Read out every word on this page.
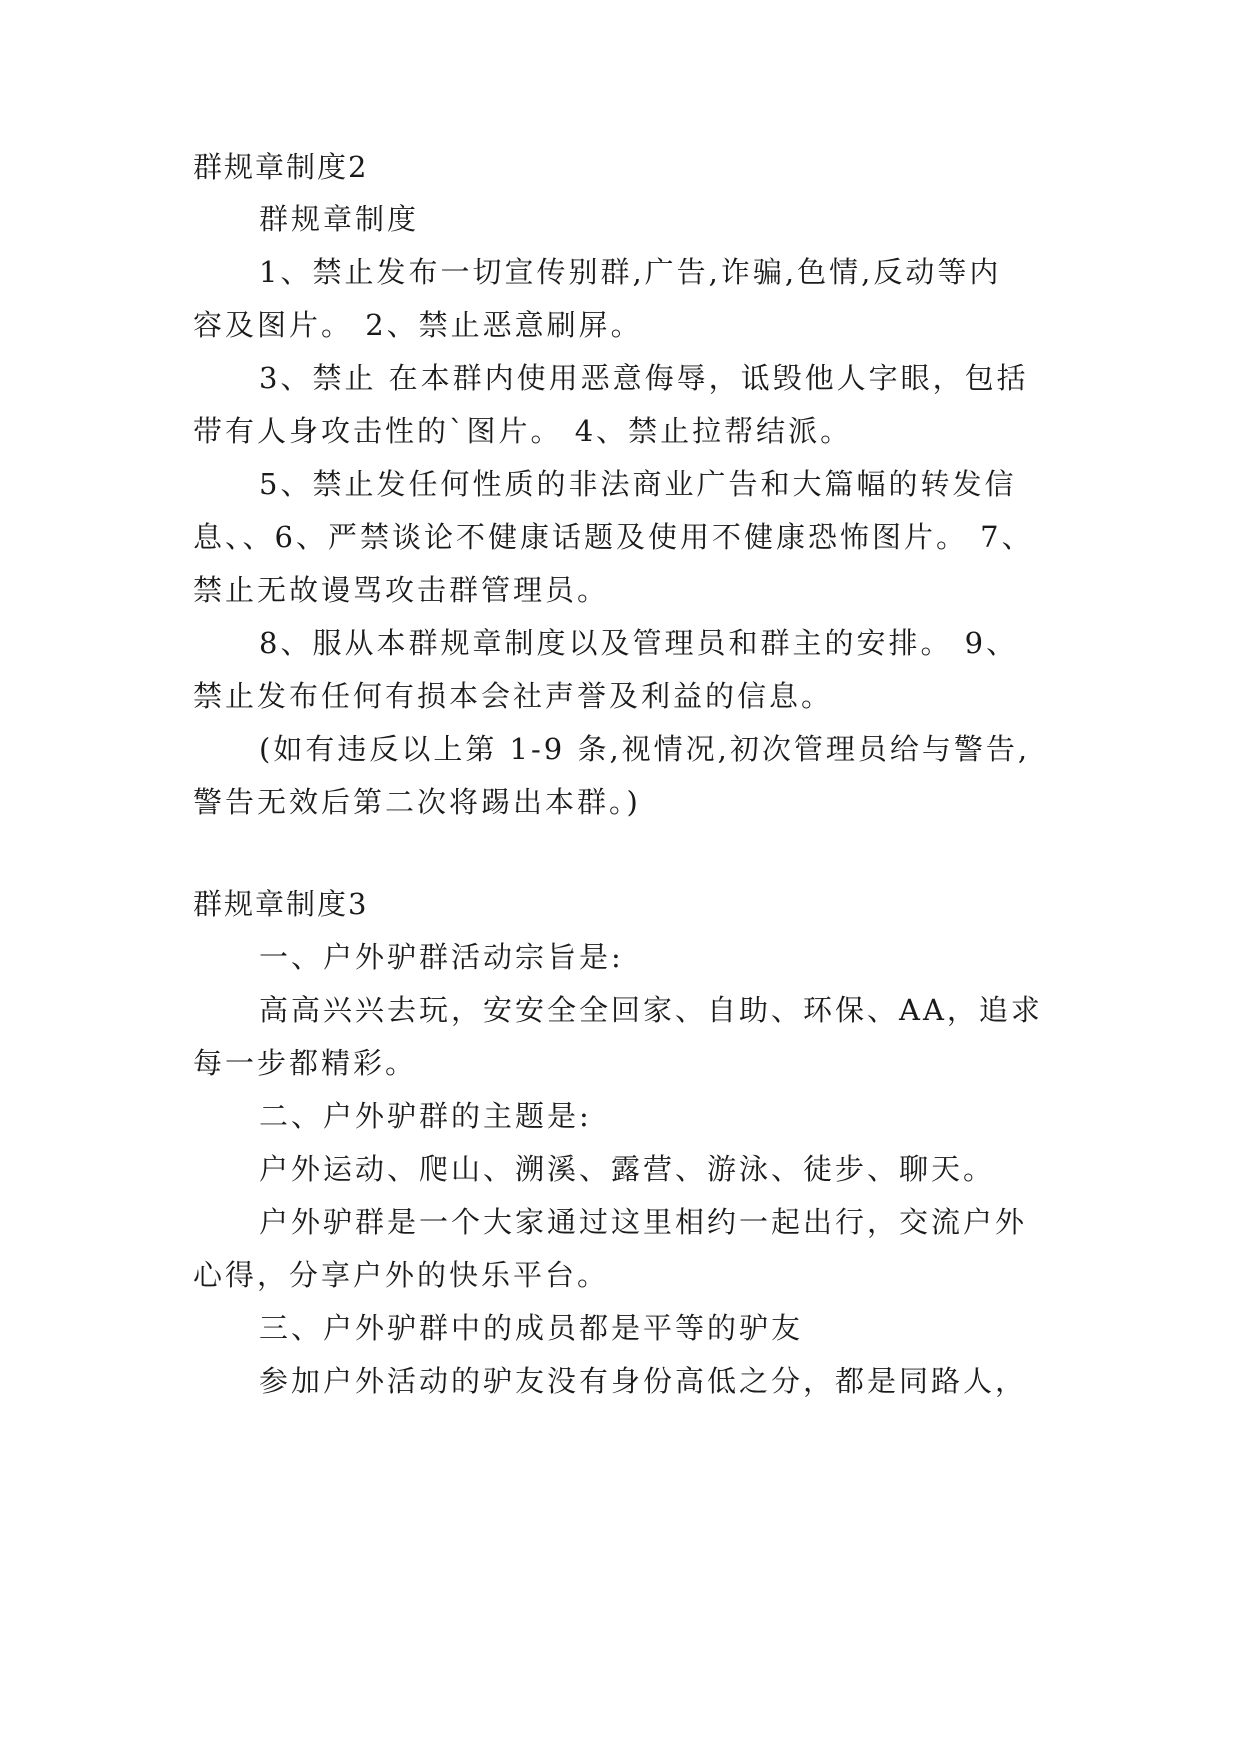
群规章制度2
群规章制度
1、禁止发布一切宣传别群,广告,诈骗,色情,反动等内
容及图片。 2、禁止恶意刷屏。
3、禁止 在本群内使用恶意侮辱，诋毁他人字眼，包括
带有人身攻击性的`图片。 4、禁止拉帮结派。
5、禁止发任何性质的非法商业广告和大篇幅的转发信
息、、6、严禁谈论不健康话题及使用不健康恐怖图片。 7、
禁止无故谩骂攻击群管理员。
8、服从本群规章制度以及管理员和群主的安排。 9、
禁止发布任何有损本会社声誉及利益的信息。
(如有违反以上第 1-9 条,视情况,初次管理员给与警告,
警告无效后第二次将踢出本群。)
群规章制度3
一、户外驴群活动宗旨是:
高高兴兴去玩，安安全全回家、自助、环保、AA，追求
每一步都精彩。
二、户外驴群的主题是:
户外运动、爬山、溯溪、露营、游泳、徒步、聊天。
户外驴群是一个大家通过这里相约一起出行，交流户外
心得，分享户外的快乐平台。
三、户外驴群中的成员都是平等的驴友
参加户外活动的驴友没有身份高低之分，都是同路人，
